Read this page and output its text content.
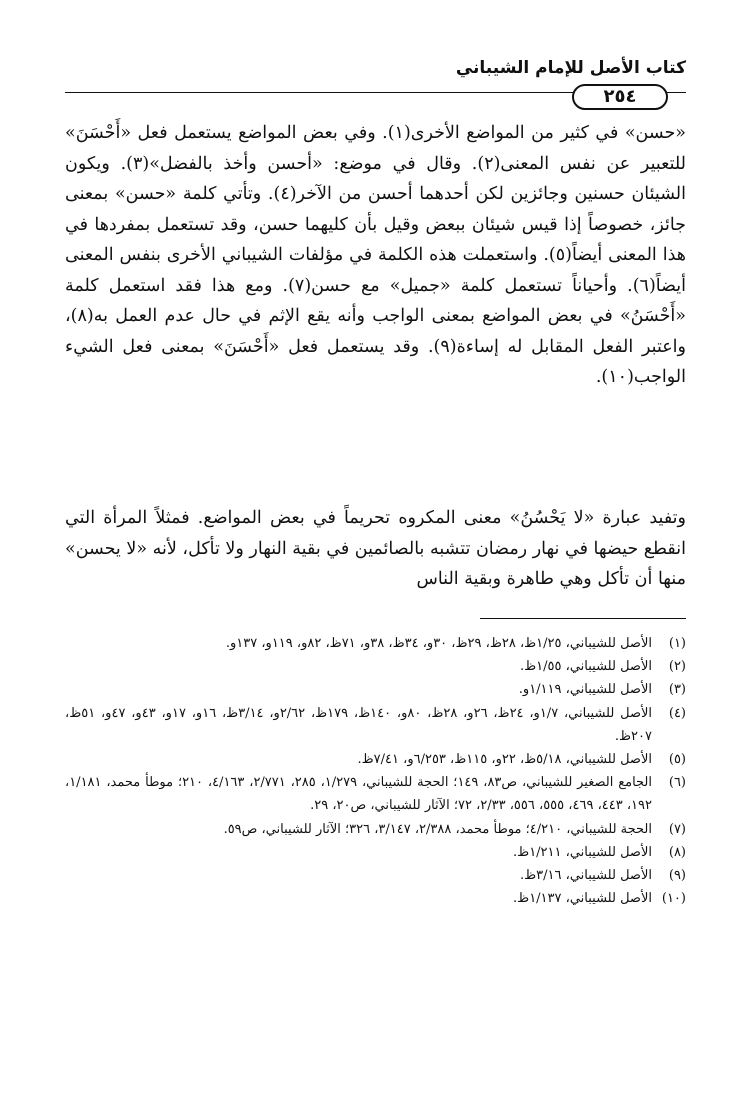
كتاب الأصل للإمام الشيباني
٢٥٤

«حسن» في كثير من المواضع الأخرى(١). وفي بعض المواضع يستعمل فعل «أَحْسَنَ» للتعبير عن نفس المعنى(٢). وقال في موضع: «أحسن وأخذ بالفضل»(٣). ويكون الشيئان حسنين وجائزين لكن أحدهما أحسن من الآخر(٤). وتأتي كلمة «حسن» بمعنى جائز، خصوصاً إذا قيس شيئان ببعض وقيل بأن كليهما حسن، وقد تستعمل بمفردها في هذا المعنى أيضاً(٥). واستعملت هذه الكلمة في مؤلفات الشيباني الأخرى بنفس المعنى أيضاً(٦). وأحياناً تستعمل كلمة «جميل» مع حسن(٧). ومع هذا فقد استعمل كلمة «أَحْسَنُ» في بعض المواضع بمعنى الواجب وأنه يقع الإثم في حال عدم العمل به(٨)، واعتبر الفعل المقابل له إساءة(٩). وقد يستعمل فعل «أَحْسَنَ» بمعنى فعل الشيء الواجب(١٠).

وتفيد عبارة «لا يَحْسُنُ» معنى المكروه تحريماً في بعض المواضع. فمثلاً المرأة التي انقطع حيضها في نهار رمضان تتشبه بالصائمين في بقية النهار ولا تأكل، لأنه «لا يحسن» منها أن تأكل وهي طاهرة وبقية الناس

(١)
الأصل للشيباني، ١/٢٥ظ، ٢٨ظ، ٢٩ظ، ٣٠و، ٣٤ظ، ٣٨و، ٧١ظ، ٨٢و، ١١٩و، ١٣٧و.
(٢)
الأصل للشيباني، ١/٥٥ظ.
(٣)
الأصل للشيباني، ١/١١٩و.
(٤)
الأصل للشيباني، ١/٧و، ٢٤ظ، ٢٦و، ٢٨ظ، ٨٠و، ١٤٠ظ، ١٧٩ظ، ٢/٦٢و، ٣/١٤ظ، ١٦و، ١٧و، ٤٣و، ٤٧و، ٥١ظ، ٢٠٧ظ.
(٥)
الأصل للشيباني، ٥/١٨ظ، ٢٢و، ١١٥ظ، ٦/٢٥٣و، ٧/٤١ظ.
(٦)
الجامع الصغير للشيباني، ص٨٣، ١٤٩؛ الحجة للشيباني، ١/٢٧٩، ٢٨٥، ٢/٧٧١، ٤/١٦٣، ٢١٠؛ موطأ محمد، ١/١٨١، ١٩٢، ٤٤٣، ٤٦٩، ٥٥٥، ٥٥٦، ٢/٣٣، ٧٢؛ الآثار للشيباني، ص٢٠، ٢٩.
(٧)
الحجة للشيباني، ٤/٢١٠؛ موطأ محمد، ٢/٣٨٨، ٣/١٤٧، ٣٢٦؛ الآثار للشيباني، ص٥٩.
(٨)
الأصل للشيباني، ١/٢١١ظ.
(٩)
الأصل للشيباني، ٣/١٦ظ.
(١٠)
الأصل للشيباني، ١/١٣٧ظ.
